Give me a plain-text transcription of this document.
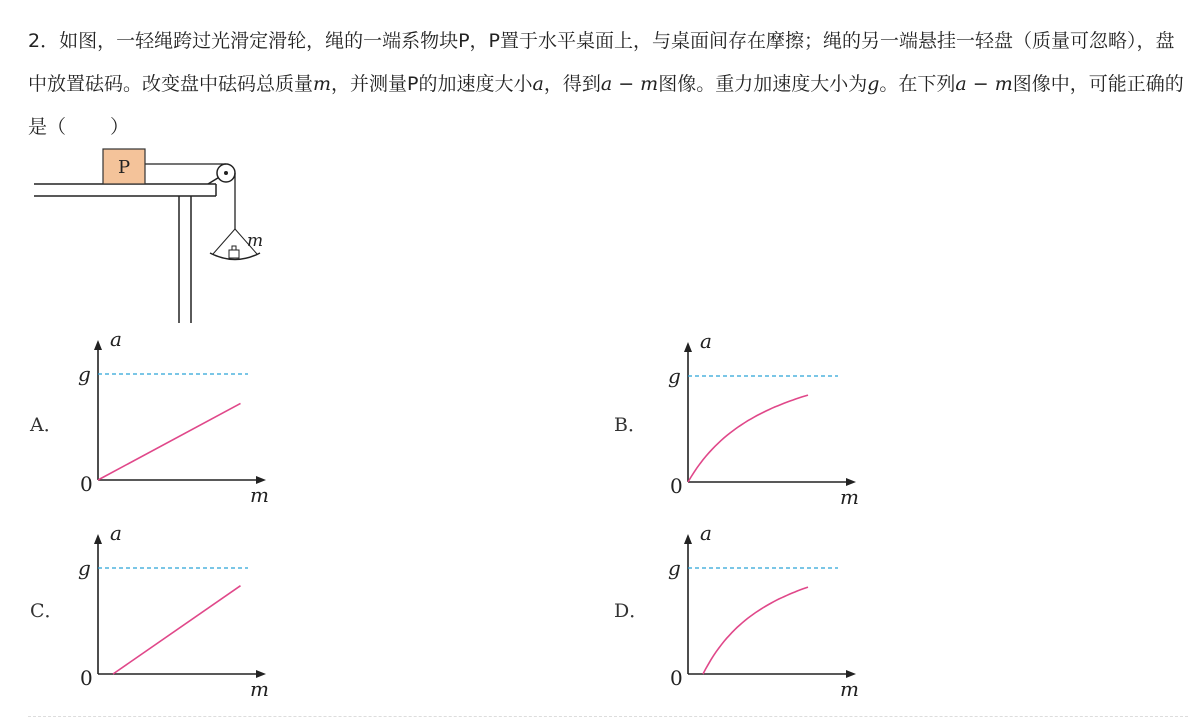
2．如图，一轻绳跨过光滑定滑轮，绳的一端系物块P，P置于水平桌面上，与桌面间存在摩擦；绳的另一端悬挂一轻盘（质量可忽略），盘中放置砝码。改变盘中砝码总质量m，并测量P的加速度大小a，得到a − m图像。重力加速度大小为g。在下列a − m图像中，可能正确的是（ ）

P
m
A．
a
g
0	m
B．
a
g
0	m
C．
a
g
0	m
D．
a
g
0	m
